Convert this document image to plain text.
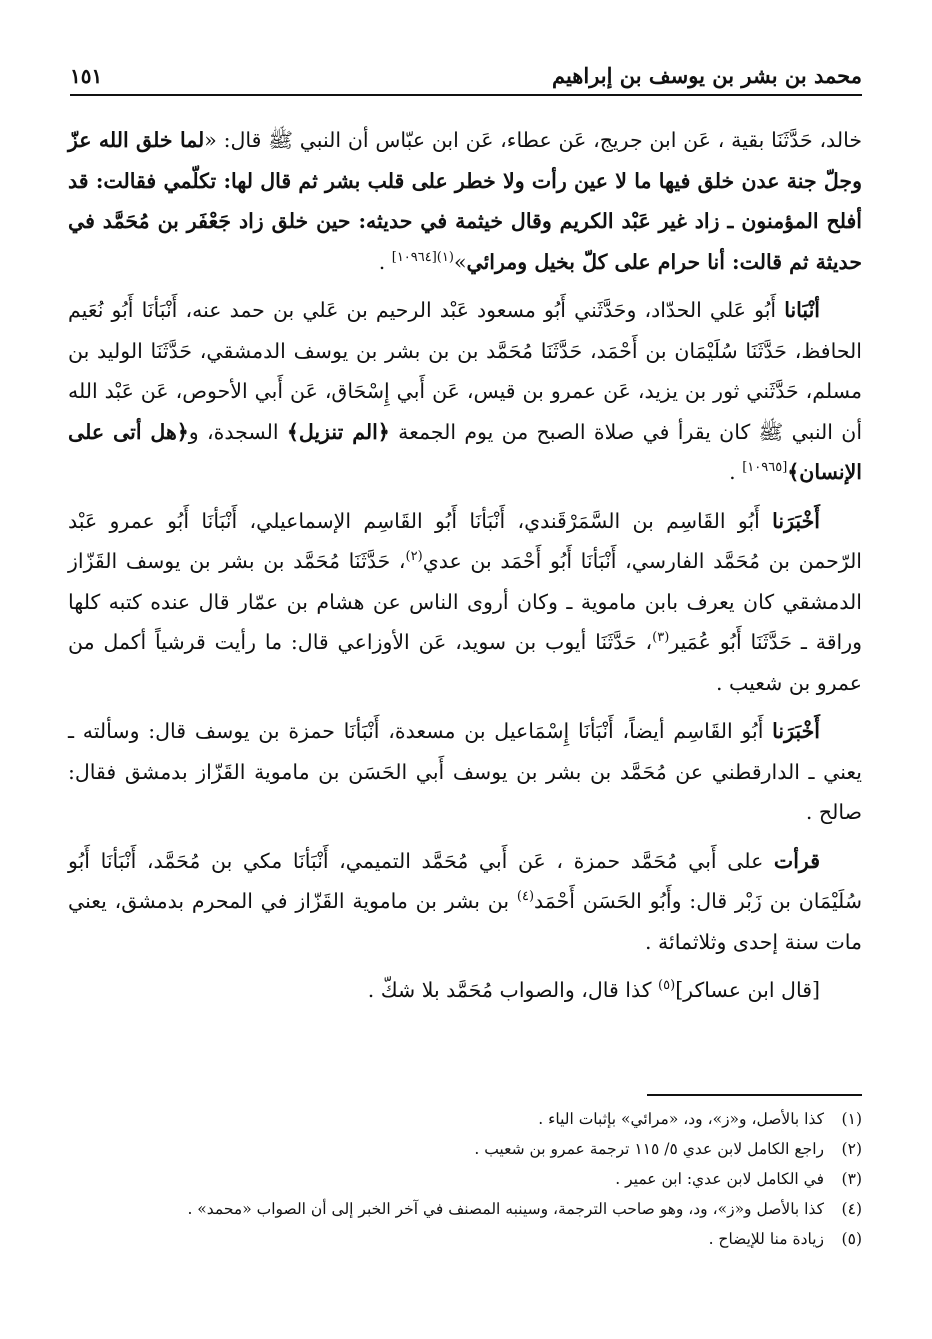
محمد بن بشر بن يوسف بن إبراهيم
١٥١

خالد، حَدَّثَنَا بقية ، عَن ابن جريج، عَن عطاء، عَن ابن عبّاس أن النبي ﷺ قال: «لما خلق الله عزّ وجلّ جنة عدن خلق فيها ما لا عين رأت ولا خطر على قلب بشر ثم قال لها: تكلّمي فقالت: قد أفلح المؤمنون ـ زاد غير عَبْد الكريم وقال خيثمة في حديثه: حين خلق زاد جَعْفَر بن مُحَمَّد في حديثة ثم قالت: أنا حرام على كلّ بخيل ومرائي»$^{(١)[١٠٩٦٤]}$ .

أنْبَانا أَبُو عَلي الحدّاد، وحَدَّثَني أَبُو مسعود عَبْد الرحيم بن عَلي بن حمد عنه، أَنْبَأنَا أَبُو نُعَيم الحافظ، حَدَّثَنَا سُلَيْمَان بن أَحْمَد، حَدَّثَنَا مُحَمَّد بن بن بشر بن يوسف الدمشقي، حَدَّثَنَا الوليد بن مسلم، حَدَّثَني ثور بن يزيد، عَن عمرو بن قيس، عَن أَبي إِسْحَاق، عَن أَبي الأحوص، عَن عَبْد الله أن النبي ﷺ كان يقرأ في صلاة الصبح من يوم الجمعة ﴿الم تنزيل﴾ السجدة، و﴿هل أتى على الإنسان﴾[١٠٩٦٥] .

أَخْبَرَنا أَبُو القَاسِم بن السَّمَرْقَندي، أَنْبَأنَا أَبُو القَاسِم الإسماعيلي، أَنْبَأنَا أَبُو عمرو عَبْد الرّحمن بن مُحَمَّد الفارسي، أَنْبَأنَا أَبُو أَحْمَد بن عدي$^{(٢)}$، حَدَّثَنَا مُحَمَّد بن بشر بن يوسف القَزّاز الدمشقي كان يعرف بابن ماموية ـ وكان أروى الناس عن هشام بن عمّار قال عنده كتبه كلها وراقة ـ حَدَّثَنَا أَبُو عُمَير$^{(٣)}$، حَدَّثَنَا أيوب بن سويد، عَن الأوزاعي قال: ما رأيت قرشياً أكمل من عمرو بن شعيب .

أَخْبَرَنا أَبُو القَاسِم أيضاً، أَنْبَأنَا إِسْمَاعيل بن مسعدة، أَنْبَأنَا حمزة بن يوسف قال: وسألته ـ يعني ـ الدارقطني عن مُحَمَّد بن بشر بن يوسف أَبي الحَسَن بن ماموية القَزّاز بدمشق فقال: صالح .

قرأت على أَبي مُحَمَّد حمزة ، عَن أَبي مُحَمَّد التميمي، أَنْبَأنَا مكي بن مُحَمَّد، أَنْبَأنَا أَبُو سُلَيْمَان بن زَبْر قال: وأَبُو الحَسَن أَحْمَد$^{(٤)}$ بن بشر بن ماموية القَزّاز في المحرم بدمشق، يعني مات سنة إحدى وثلاثمائة .

[قال ابن عساكر]$^{(٥)}$ كذا قال، والصواب مُحَمَّد بلا شكّ .

(١)
كذا بالأصل، و«ز»، ود، «مرائي» بإثبات الياء .
(٢)
راجع الكامل لابن عدي ٥/ ١١٥ ترجمة عمرو بن شعيب .
(٣)
في الكامل لابن عدي: ابن عمير .
(٤)
كذا بالأصل و«ز»، ود، وهو صاحب الترجمة، وسينبه المصنف في آخر الخبر إلى أن الصواب «محمد» .
(٥)
زيادة منا للإيضاح .
